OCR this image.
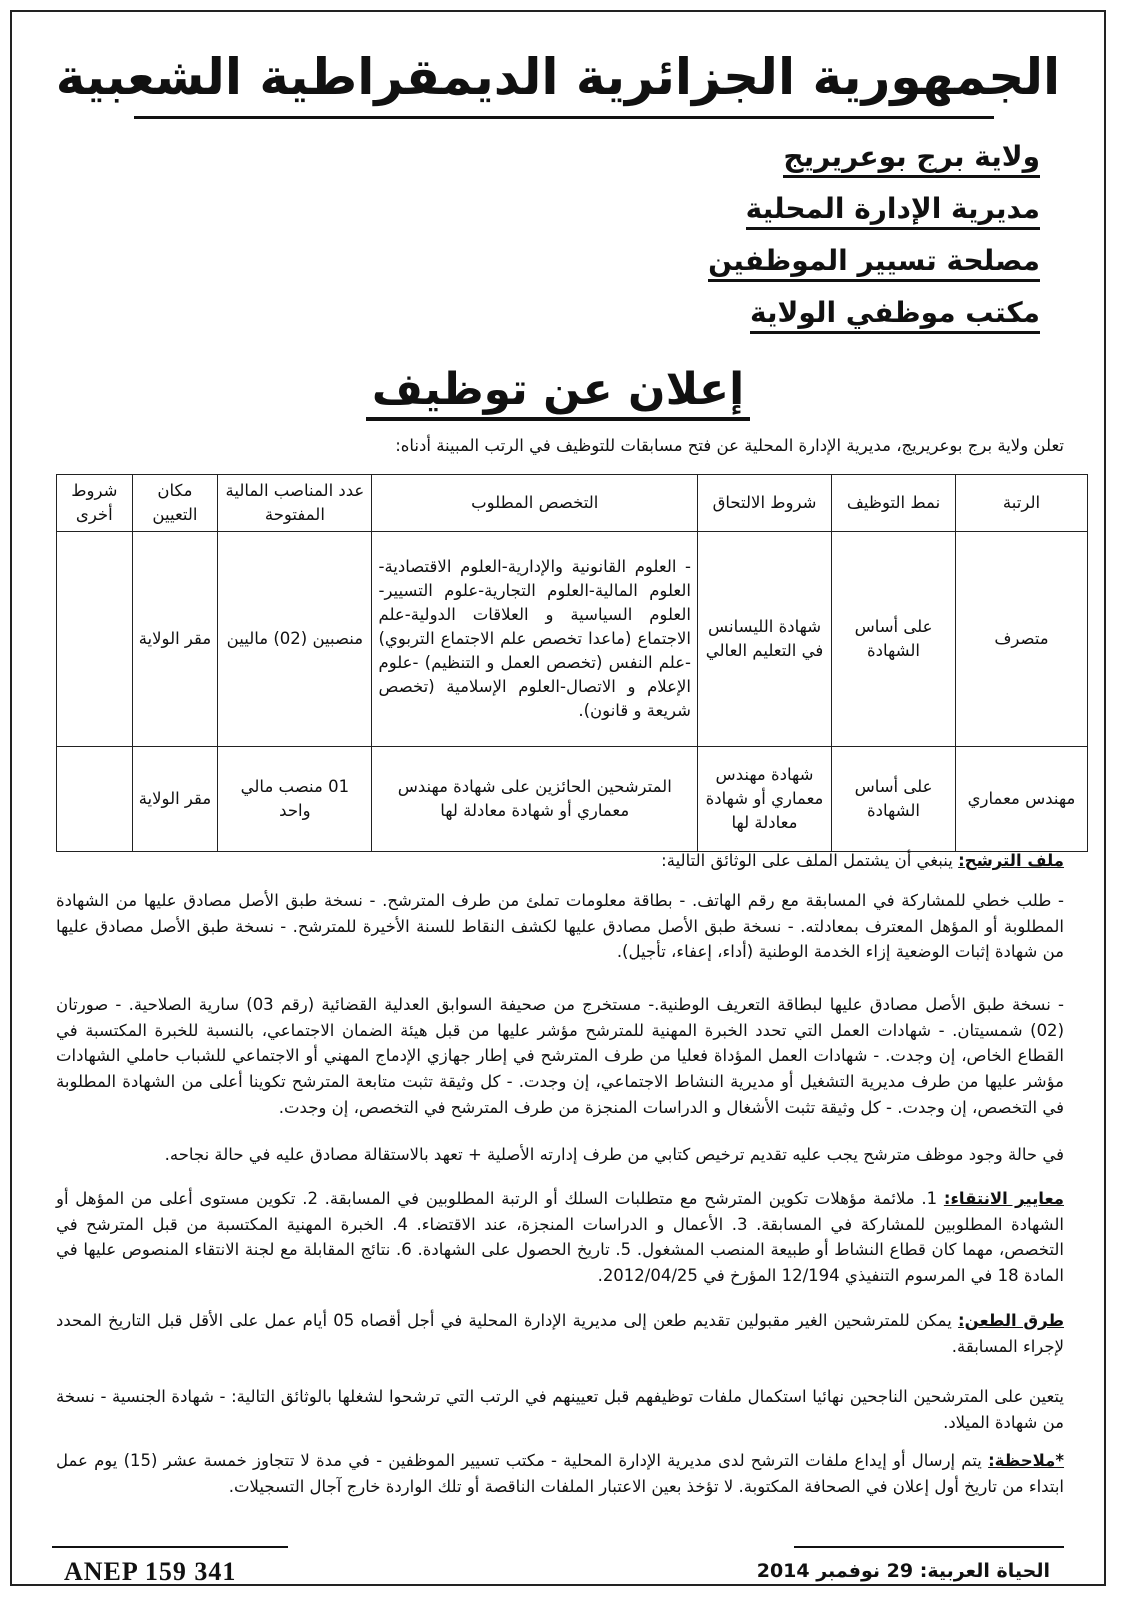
الجمهورية الجزائرية الديمقراطية الشعبية
ولاية برج بوعريريج
مديرية الإدارة المحلية
مصلحة تسيير الموظفين
مكتب موظفي الولاية
إعلان عن توظيف
تعلن ولاية برج بوعريريج، مديرية الإدارة المحلية عن فتح مسابقات للتوظيف في الرتب المبينة أدناه:
الرتبة	نمط التوظيف	شروط الالتحاق	التخصص المطلوب	عدد المناصب المالية المفتوحة	مكان التعيين	شروط أخرى
متصرف	على أساس الشهادة	شهادة الليسانس في التعليم العالي	- العلوم القانونية والإدارية-العلوم الاقتصادية-العلوم المالية-العلوم التجارية-علوم التسيير-العلوم السياسية و العلاقات الدولية-علم الاجتماع (ماعدا تخصص علم الاجتماع التربوي) -علم النفس (تخصص العمل و التنظيم) -علوم الإعلام و الاتصال-العلوم الإسلامية (تخصص شريعة و قانون).	منصبين (02) ماليين	مقر الولاية	
مهندس معماري	على أساس الشهادة	شهادة مهندس معماري أو شهادة معادلة لها	المترشحين الحائزين على شهادة مهندس معماري أو شهادة معادلة لها	01 منصب مالي واحد	مقر الولاية	
ملف الترشح: ينبغي أن يشتمل الملف على الوثائق التالية:
- طلب خطي للمشاركة في المسابقة مع رقم الهاتف. - بطاقة معلومات تملئ من طرف المترشح. - نسخة طبق الأصل مصادق عليها من الشهادة المطلوبة أو المؤهل المعترف بمعادلته. - نسخة طبق الأصل مصادق عليها لكشف النقاط للسنة الأخيرة للمترشح. - نسخة طبق الأصل مصادق عليها من شهادة إثبات الوضعية إزاء الخدمة الوطنية (أداء، إعفاء، تأجيل).
- نسخة طبق الأصل مصادق عليها لبطاقة التعريف الوطنية.- مستخرج من صحيفة السوابق العدلية القضائية (رقم 03) سارية الصلاحية. - صورتان (02) شمسيتان. - شهادات العمل التي تحدد الخبرة المهنية للمترشح مؤشر عليها من قبل هيئة الضمان الاجتماعي، بالنسبة للخبرة المكتسبة في القطاع الخاص، إن وجدت. - شهادات العمل المؤداة فعليا من طرف المترشح في إطار جهازي الإدماج المهني أو الاجتماعي للشباب حاملي الشهادات مؤشر عليها من طرف مديرية التشغيل أو مديرية النشاط الاجتماعي، إن وجدت. - كل وثيقة تثبت متابعة المترشح تكوينا أعلى من الشهادة المطلوبة في التخصص، إن وجدت. - كل وثيقة تثبت الأشغال و الدراسات المنجزة من طرف المترشح في التخصص، إن وجدت.
في حالة وجود موظف مترشح يجب عليه تقديم ترخيص كتابي من طرف إدارته الأصلية + تعهد بالاستقالة مصادق عليه في حالة نجاحه.
معايير الانتقاء: 1. ملائمة مؤهلات تكوين المترشح مع متطلبات السلك أو الرتبة المطلوبين في المسابقة. 2. تكوين مستوى أعلى من المؤهل أو الشهادة المطلوبين للمشاركة في المسابقة. 3. الأعمال و الدراسات المنجزة، عند الاقتضاء. 4. الخبرة المهنية المكتسبة من قبل المترشح في التخصص، مهما كان قطاع النشاط أو طبيعة المنصب المشغول. 5. تاريخ الحصول على الشهادة. 6. نتائج المقابلة مع لجنة الانتقاء المنصوص عليها في المادة 18 في المرسوم التنفيذي 12/194 المؤرخ في 2012/04/25.
طرق الطعن: يمكن للمترشحين الغير مقبولين تقديم طعن إلى مديرية الإدارة المحلية في أجل أقصاه 05 أيام عمل على الأقل قبل التاريخ المحدد لإجراء المسابقة.
يتعين على المترشحين الناجحين نهائيا استكمال ملفات توظيفهم قبل تعيينهم في الرتب التي ترشحوا لشغلها بالوثائق التالية: - شهادة الجنسية - نسخة من شهادة الميلاد.
*ملاحظة: يتم إرسال أو إيداع ملفات الترشح لدى مديرية الإدارة المحلية - مكتب تسيير الموظفين - في مدة لا تتجاوز خمسة عشر (15) يوم عمل ابتداء من تاريخ أول إعلان في الصحافة المكتوبة. لا تؤخذ بعين الاعتبار الملفات الناقصة أو تلك الواردة خارج آجال التسجيلات.
ANEP 159 341	الحياة العربية: 29 نوفمبر 2014
